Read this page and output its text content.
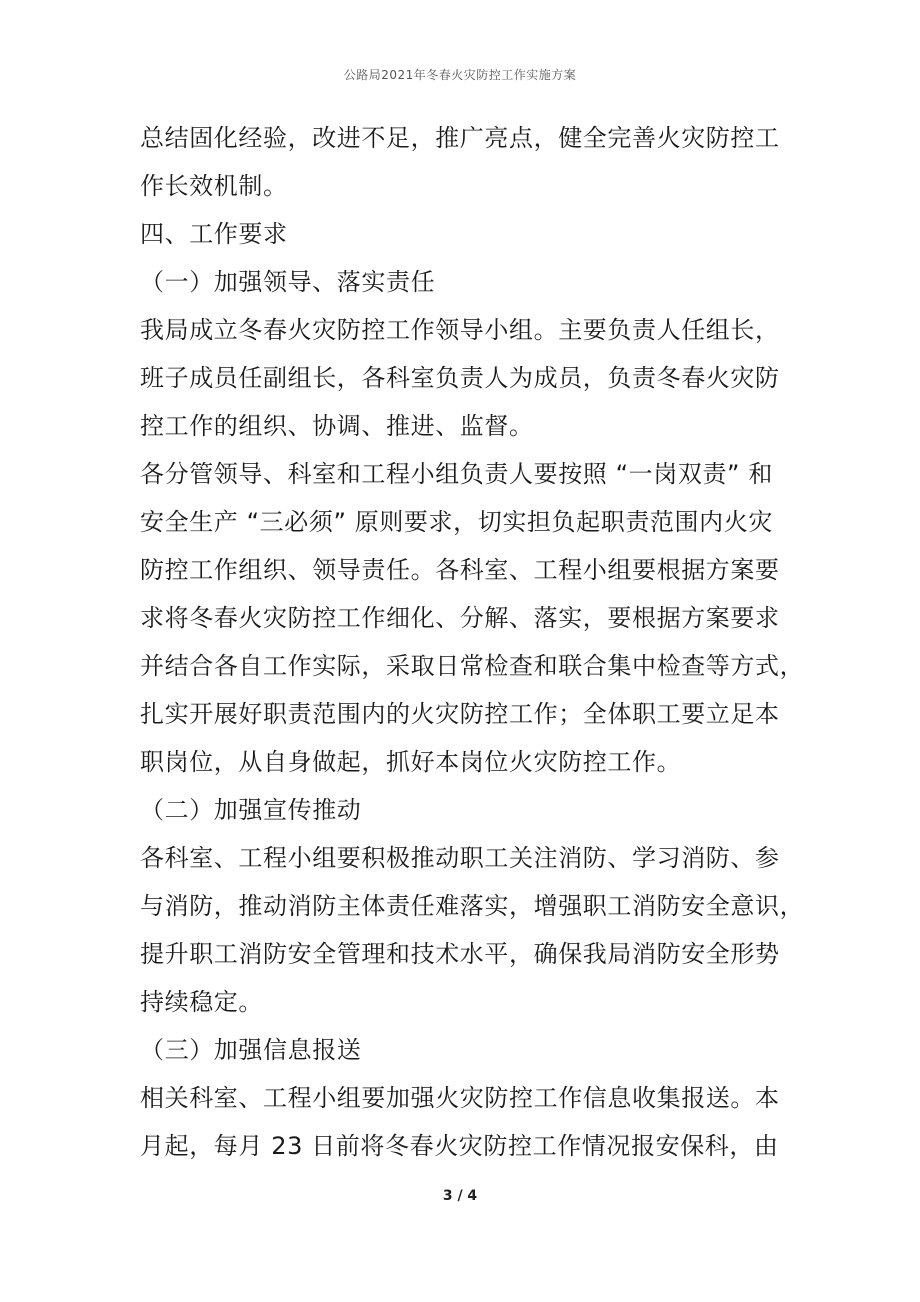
公路局2021年冬春火灾防控工作实施方案
总结固化经验，改进不足，推广亮点，健全完善火灾防控工
作长效机制。
四、工作要求
（一）加强领导、落实责任
我局成立冬春火灾防控工作领导小组。主要负责人任组长，
班子成员任副组长，各科室负责人为成员，负责冬春火灾防
控工作的组织、协调、推进、监督。
各分管领导、科室和工程小组负责人要按照 “一岗双责” 和
安全生产 “三必须” 原则要求，切实担负起职责范围内火灾
防控工作组织、领导责任。各科室、工程小组要根据方案要
求将冬春火灾防控工作细化、分解、落实，要根据方案要求
并结合各自工作实际，采取日常检查和联合集中检查等方式，
扎实开展好职责范围内的火灾防控工作；全体职工要立足本
职岗位，从自身做起，抓好本岗位火灾防控工作。
（二）加强宣传推动
各科室、工程小组要积极推动职工关注消防、学习消防、参
与消防，推动消防主体责任难落实，增强职工消防安全意识，
提升职工消防安全管理和技术水平，确保我局消防安全形势
持续稳定。
（三）加强信息报送
相关科室、工程小组要加强火灾防控工作信息收集报送。本
月起，每月 23 日前将冬春火灾防控工作情况报安保科，由
3 / 4
